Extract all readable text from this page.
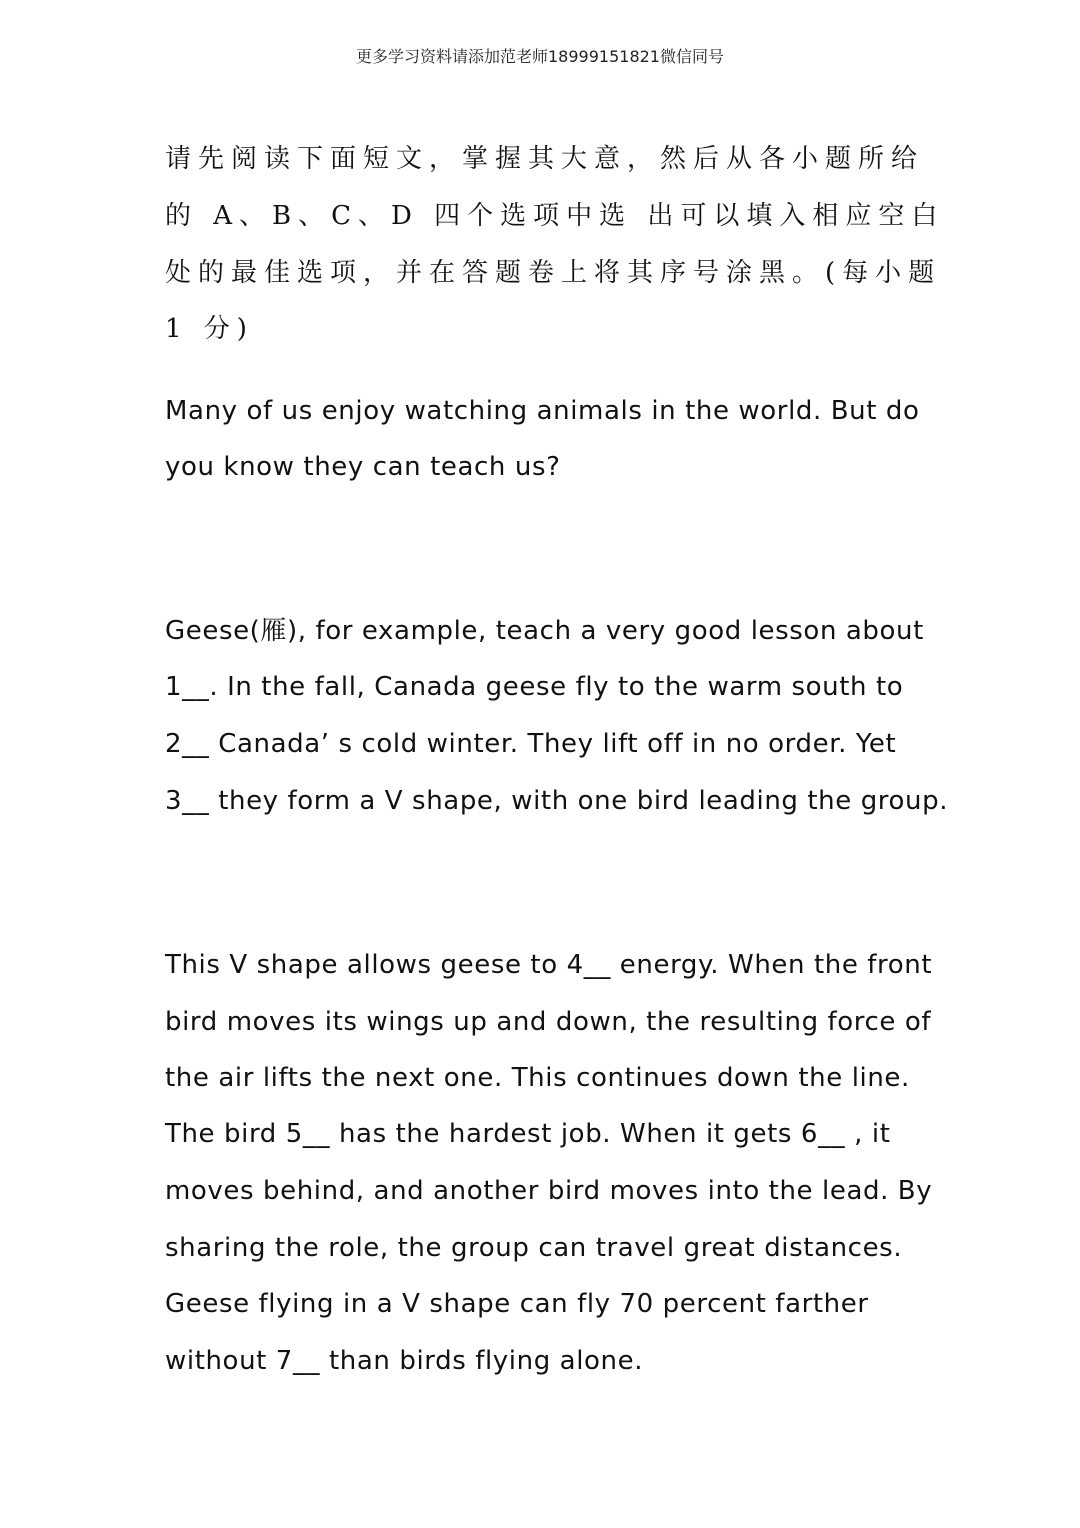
更多学习资料请添加范老师18999151821微信同号
请先阅读下面短文，掌握其大意，然后从各小题所给
的 A、B、C、D 四个选项中选 出可以填入相应空白
处的最佳选项，并在答题卷上将其序号涂黑。(每小题
1 分)
Many of us enjoy watching animals in the world. But do
you know they can teach us?
Geese(雁), for example, teach a very good lesson about
1__. In the fall, Canada geese fly to the warm south to
2__ Canada’ s cold winter. They lift off in no order. Yet
3__ they form a V shape, with one bird leading the group.
This V shape allows geese to 4__ energy. When the front
bird moves its wings up and down, the resulting force of
the air lifts the next one. This continues down the line.
The bird 5__ has the hardest job. When it gets 6__ , it
moves behind, and another bird moves into the lead. By
sharing the role, the group can travel great distances.
Geese flying in a V shape can fly 70 percent farther
without 7__ than birds flying alone.
